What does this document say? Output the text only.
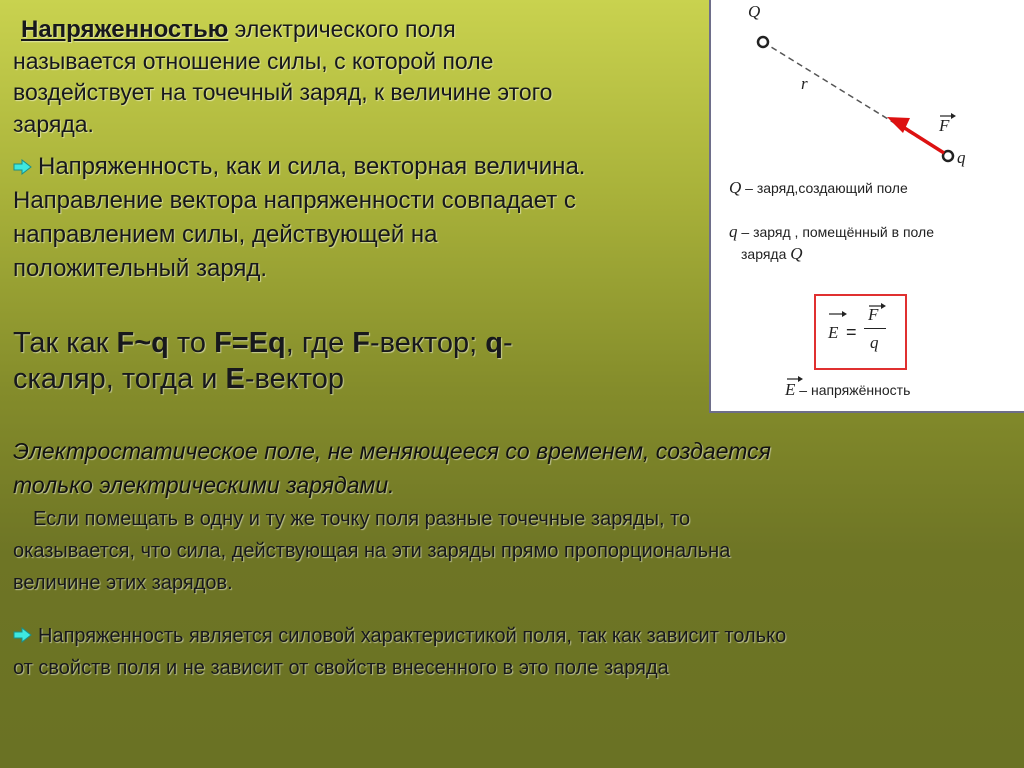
Напряженностью электрического поля
называется отношение силы, с которой поле
воздействует на точечный заряд, к величине этого
заряда.
Напряженность, как и сила, векторная величина.
Направление вектора напряженности совпадает с
направлением силы, действующей на
положительный заряд.
Так как F~q то F=Eq, где F-вектор; q-
скаляр, тогда и E-вектор
Электростатическое поле, не меняющееся со временем, создается
только электрическими зарядами.
Если помещать в одну и ту же точку поля разные точечные заряды, то
оказывается, что сила, действующая на эти заряды прямо пропорциональна
величине этих зарядов.
Напряженность является силовой характеристикой поля, так как зависит только
от свойств поля и не зависит от свойств внесенного в это поле заряда
Q
r
F
q
Q – заряд,создающий поле
q – заряд , помещённый в поле
заряда Q
E =
F
q
E – напряжённость
